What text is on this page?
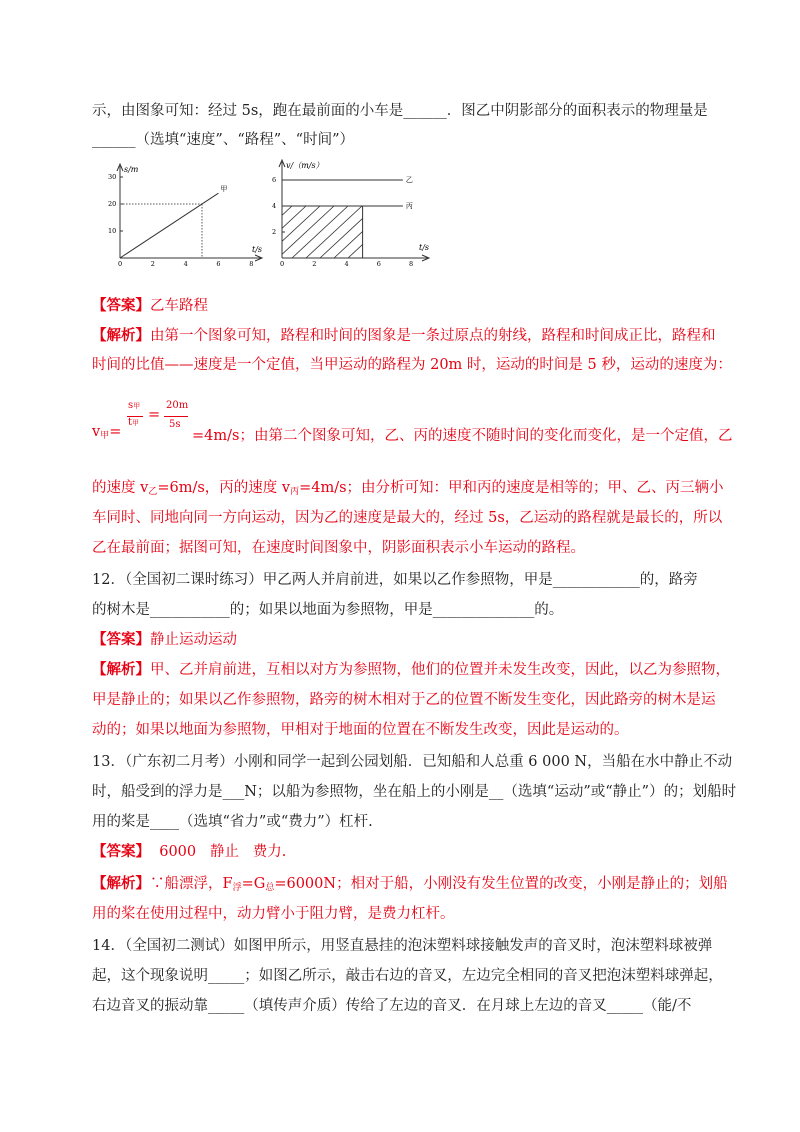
示，由图象可知：经过 5s，跑在最前面的小车是______．图乙中阴影部分的面积表示的物理量是
______（选填“速度”、“路程”、“时间”）
s/m
t/s
0	2	4	6	8
10
20
30
甲
v/（m/s）
t/s
0	2	4	6	8
2
4
6	乙
丙
【答案】乙车路程
【解析】由第一个图象可知，路程和时间的图象是一条过原点的射线，路程和时间成正比，路程和
时间的比值——速度是一个定值，当甲运动的路程为 20m 时，运动的时间是 5 秒，运动的速度为：
$v_甲=$
s甲
t甲 =
20m
5s
=4m/s；由第二个图象可知，乙、丙的速度不随时间的变化而变化，是一个定值，乙
的速度 $v_乙=6m/s$，丙的速度 $v_丙=4m/s$；由分析可知：甲和丙的速度是相等的；甲、乙、丙三辆小
车同时、同地向同一方向运动，因为乙的速度是最大的，经过 5s，乙运动的路程就是最长的，所以
乙在最前面；据图可知，在速度时间图象中，阴影面积表示小车运动的路程。
12．（全国初二课时练习）甲乙两人并肩前进，如果以乙作参照物，甲是____________的，路旁
的树木是___________的；如果以地面为参照物，甲是______________的。
【答案】静止运动运动
【解析】甲、乙并肩前进，互相以对方为参照物，他们的位置并未发生改变，因此，以乙为参照物，
甲是静止的；如果以乙作参照物，路旁的树木相对于乙的位置不断发生变化，因此路旁的树木是运
动的；如果以地面为参照物，甲相对于地面的位置在不断发生改变，因此是运动的。
13．（广东初二月考）小刚和同学一起到公园划船．已知船和人总重 6 000 N，当船在水中静止不动
时，船受到的浮力是___N；以船为参照物，坐在船上的小刚是__（选填“运动”或“静止”）的；划船时
用的桨是____（选填“省力”或“费力”）杠杆.
【答案】  6000   静止   费力.
【解析】∵船漂浮，$F_浮=G_总=6000N$；相对于船，小刚没有发生位置的改变，小刚是静止的；划船
用的桨在使用过程中，动力臂小于阻力臂，是费力杠杆。
14．（全国初二测试）如图甲所示，用竖直悬挂的泡沫塑料球接触发声的音叉时，泡沫塑料球被弹
起，这个现象说明_____；如图乙所示，敲击右边的音叉，左边完全相同的音叉把泡沫塑料球弹起，
右边音叉的振动靠_____（填传声介质）传给了左边的音叉．在月球上左边的音叉_____（能/不
